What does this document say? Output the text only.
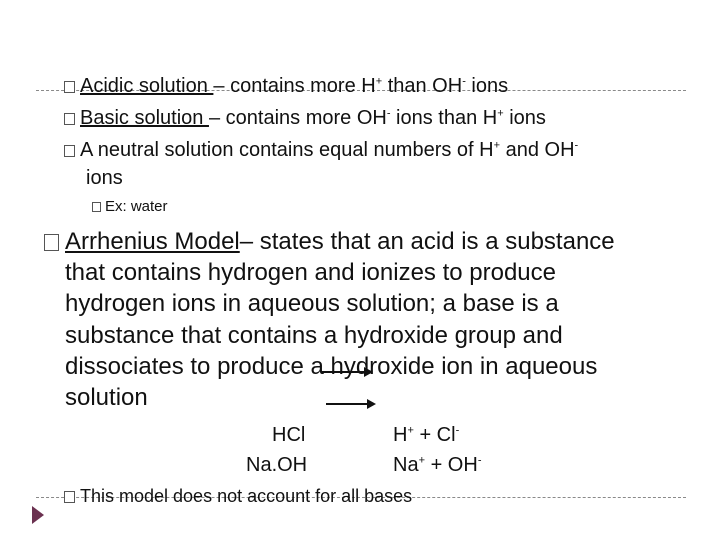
Acidic solution – contains more H+ than OH- ions
Basic solution – contains more OH- ions than H+ ions
A neutral solution contains equal numbers of H+ and OH-
ions
Ex: water
Arrhenius Model– states that an acid is a substance
that contains hydrogen and ionizes to produce
hydrogen ions in aqueous solution; a base is a
substance that contains a hydroxide group and
dissociates to produce a hydroxide ion in aqueous
solution
HCl	H+ + Cl-
Na.OH	Na+ + OH-
This model does not account for all bases
